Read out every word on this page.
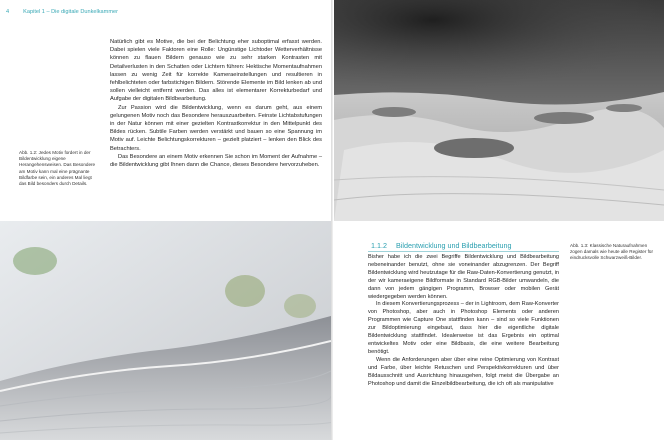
4	Kapitel 1 – Die digitale Dunkelkammer

Natürlich gibt es Motive, die bei der Belichtung eher suboptimal erfasst werden. Dabei spielen viele Faktoren eine Rolle: Ungünstige Lichtoder Wetterverhältnisse können zu flauen Bildern genauso wie zu sehr starken Kontrasten mit Detailverlusten in den Schatten oder Lichtern führen: Hektische Momentaufnahmen lassen zu wenig Zeit für korrekte Kameraeinstellungen und resultieren in fehlbelichteten oder farbstichigen Bildern. Störende Elemente im Bild lenken ab und sollen vielleicht entfernt werden. Das alles ist elementarer Korrekturbedarf und Aufgabe der digitalen Bildbearbeitung.

Zur Passion wird die Bildentwicklung, wenn es darum geht, aus einem gelungenen Motiv noch das Besondere herauszuarbeiten. Feinste Lichtabstufungen in der Natur können mit einer gezielten Kontrastkorrektur in den Mittelpunkt des Bildes rücken. Subtile Farben werden verstärkt und bauen so eine Spannung im Motiv auf. Leichte Belichtungskorrekturen – gezielt platziert – lenken den Blick des Betrachters.

Das Besondere an einem Motiv erkennen Sie schon im Moment der Aufnahme – die Bildentwicklung gibt Ihnen dann die Chance, dieses Besondere hervorzuheben.

Abb. 1.2: Jedes Motiv fordert in der Bildentwicklung eigene Herangehensweisen. Das Besondere am Motiv kann mal eine prägnante Bildfarbe sein, ein anderes Mal liegt das Bild besonders durch Details.
1.1.2 Bildentwicklung und Bildbearbeitung

Bisher habe ich die zwei Begriffe Bildentwicklung und Bildbearbeitung nebeneinander benutzt, ohne sie voneinander abzugrenzen. Der Begriff Bildentwicklung wird heutzutage für die Raw-Daten-Konvertierung genutzt, in der wir kameraeigene Bildformate in Standard RGB-Bilder umwandeln, die dann von jedem gängigen Programm, Browser oder mobilen Gerät wiedergegeben werden können.

In diesem Konvertierungsprozess – der in Lightroom, dem Raw-Konverter von Photoshop, aber auch in Photoshop Elements oder anderen Programmen wie Capture One stattfinden kann – sind so viele Funktionen zur Bildoptimierung eingebaut, dass hier die eigentliche digitale Bildentwicklung stattfindet. Idealerweise ist das Ergebnis ein optimal entwickeltes Motiv oder eine Bildbasis, die eine weitere Bearbeitung benötigt.

Wenn die Anforderungen aber über eine reine Optimierung von Kontrast und Farbe, über leichte Retuschen und Perspektivkorrekturen und über Bildausschnitt und Ausrichtung hinausgehen, folgt meist die Übergabe an Photoshop und damit die Einzelbildbearbeitung, die ich oft als manipulative

Abb. 1.3: Klassische Naturaufnahmen zogen damals wie heute alle Register für eindrucksvolle Schwarzweiß-Bilder.
